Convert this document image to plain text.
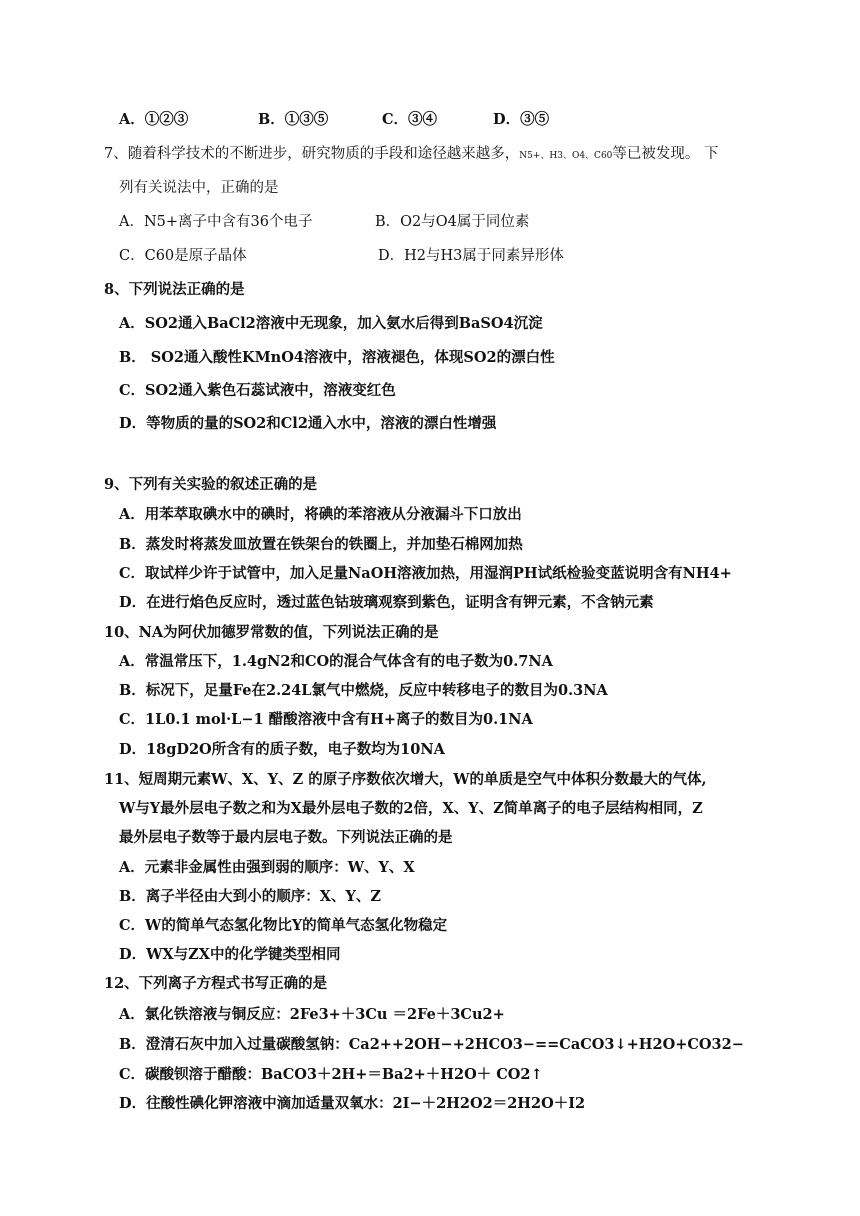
A．①②③	B．①③⑤	C．③④	D．③⑤
7、随着科学技术的不断进步，研究物质的手段和途径越来越多，N5+、H3、O4、C60等已被发现。 下
列有关说法中，正确的是
A．N5+离子中含有36个电子	B．O2与O4属于同位素
C．C60是原子晶体	D．H2与H3属于同素异形体
8、下列说法正确的是
A．SO2通入BaCl2溶液中无现象，加入氨水后得到BaSO4沉淀
B． SO2通入酸性KMnO4溶液中，溶液褪色，体现SO2的漂白性
C．SO2通入紫色石蕊试液中，溶液变红色
D．等物质的量的SO2和Cl2通入水中，溶液的漂白性增强
9、下列有关实验的叙述正确的是
A．用苯萃取碘水中的碘时，将碘的苯溶液从分液漏斗下口放出
B．蒸发时将蒸发皿放置在铁架台的铁圈上，并加垫石棉网加热
C．取试样少许于试管中，加入足量NaOH溶液加热，用湿润PH试纸检验变蓝说明含有NH4+
D．在进行焰色反应时，透过蓝色钴玻璃观察到紫色，证明含有钾元素，不含钠元素
10、NA为阿伏加德罗常数的值，下列说法正确的是
A．常温常压下，1.4gN2和CO的混合气体含有的电子数为0.7NA
B．标况下，足量Fe在2.24L氯气中燃烧，反应中转移电子的数目为0.3NA
C．1L0.1 mol·L−1 醋酸溶液中含有H+离子的数目为0.1NA
D．18gD2O所含有的质子数，电子数均为10NA
11、短周期元素W、X、Y、Z 的原子序数依次增大，W的单质是空气中体积分数最大的气体,
W与Y最外层电子数之和为X最外层电子数的2倍，X、Y、Z简单离子的电子层结构相同，Z
最外层电子数等于最内层电子数。下列说法正确的是
A．元素非金属性由强到弱的顺序：W、Y、X
B．离子半径由大到小的顺序：X、Y、Z
C．W的简单气态氢化物比Y的简单气态氢化物稳定
D．WX与ZX中的化学键类型相同
12、下列离子方程式书写正确的是
A．氯化铁溶液与铜反应：2Fe3+＋3Cu ＝2Fe＋3Cu2+
B．澄清石灰中加入过量碳酸氢钠：Ca2++2OH−+2HCO3−==CaCO3↓+H2O+CO32−
C．碳酸钡溶于醋酸：BaCO3＋2H+＝Ba2+＋H2O＋ CO2↑
D．往酸性碘化钾溶液中滴加适量双氧水：2I−＋2H2O2＝2H2O＋I2
